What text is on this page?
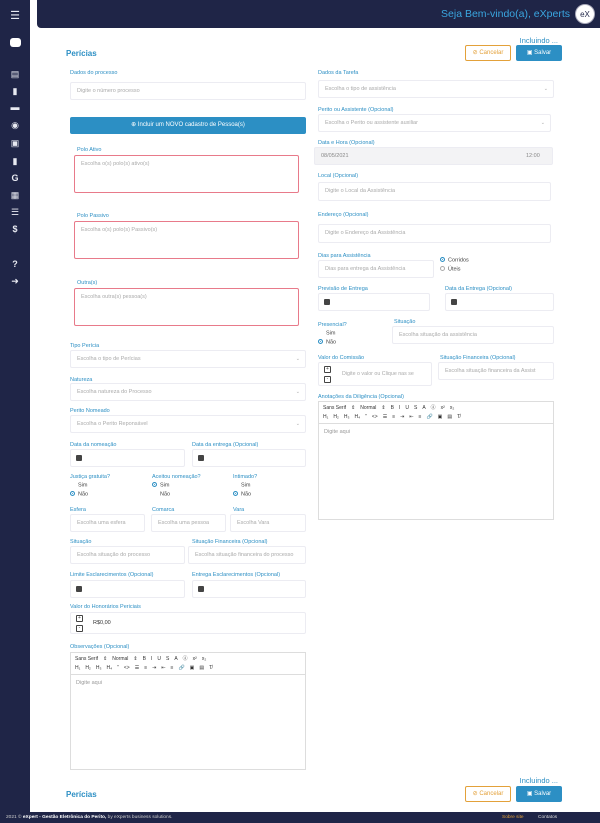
☰
▤
▮
▬
◉
▣
▮
G
▦
☰
$
?
➜
Seja Bem-vindo(a), eXperts	eX
Perícias
Incluindo ...
⊘ Cancelar	▣ Salvar
Dados do processo
Digite o número processo
⊕ Incluir um NOVO cadastro de Pessoa(s)
Polo Ativo
Escolha o(s) polo(s) ativo(s)
Polo Passivo
Escolha o(s) polo(s) Passivo(s)
Outra(s)
Escolha outra(s) pessoa(s)
Tipo Perícia
Escolha o tipo de Perícias	⌄
Natureza
Escolha natureza do Processo	⌄
Perito Nomeado
Escolha o Perito Reponsável	⌄
Data da nomeação	Data da entrega (Opcional)
Justiça gratuita?
Sim
Não
Aceitou nomeação?
Sim
Não
Intimado?
Sim
Não
Esfera
Escolha uma esfera
Comarca
Escolha uma pessoa
Vara
Escolha Vara
Situação
Escolha situação do processo
Situação Financeira (Opcional)
Escolha situação financeira do processo
Limite Esclarecimentos (Opcional)	Entrega Esclarecimentos (Opcional)
Valor do Honorários Periciais
+
-
R$0,00
Observações (Opcional)
Sans Serif ⇕ Normal ⇕ B I U S A Ⓐ x² x₂
H₁ H₂ H₃ H₄ ” <> ☰ ≡ ⇥ ⇤ ≡ 🔗 ▣ ▤ T̸
Digite aqui
Dados da Tarefa
Escolha o tipo de assistência	⌄
Perito ou Assistente (Opcional)
Escolha o Perito ou assistente auxiliar	⌄
Data e Hora (Opcional)
08/05/2021	12:00
Local (Opcional)
Digite o Local da Assistência
Endereço (Opcional)
Digite o Endereço da Assistência
Dias para Assistência
Dias para entrega da Assistência
Corridos
Úteis
Previsão de Entrega	Data da Entrega (Opcional)
Presencial?
Sim
Não
Situação
Escolha situação da assistência
Valor do Comissão
+
-
Digite o valor ou Clique nas se
Situação Financeira (Opcional)
Escolha situação financeira da Assist
Anotações da Diligência (Opcional)
Sans Serif ⇕ Normal ⇕ B I U S A Ⓐ x² x₂
H₁ H₂ H₃ H₄ ” <> ☰ ≡ ⇥ ⇤ ≡ 🔗 ▣ ▤ T̸
Digite aqui
Perícias
Incluindo ...
⊘ Cancelar	▣ Salvar
2021 © eXpert - Gestão Eletrônica do Perito, by eXperts business solutions.	Sobre site	Contatos
